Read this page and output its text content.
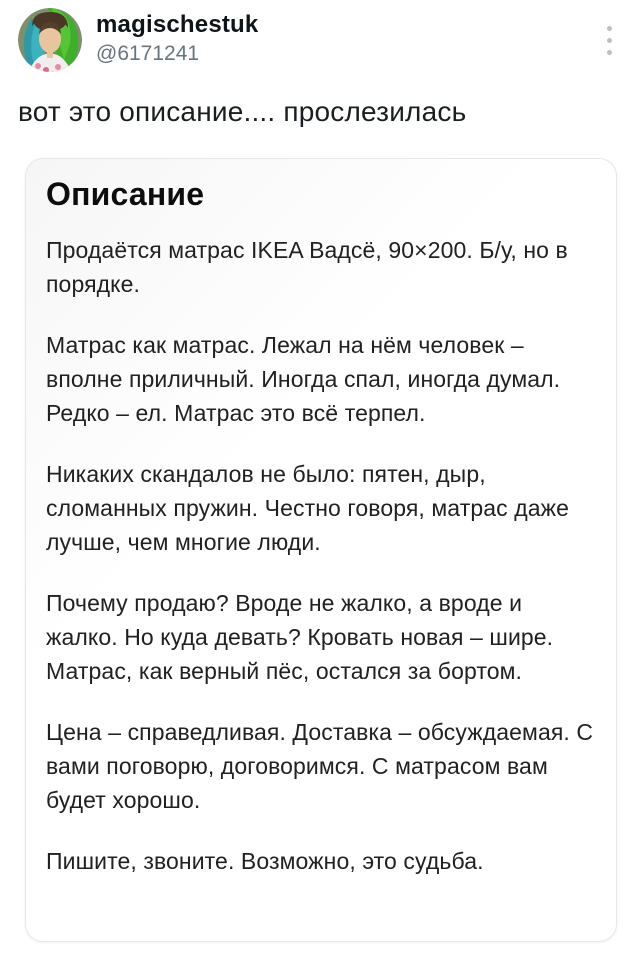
magischestuk
@6171241
вот это описание.... прослезилась
Описание

Продаётся матрас IKEA Вадсё, 90×200. Б/у, но в порядке.

Матрас как матрас. Лежал на нём человек – вполне приличный. Иногда спал, иногда думал. Редко – ел. Матрас это всё терпел.

Никаких скандалов не было: пятен, дыр, сломанных пружин. Честно говоря, матрас даже лучше, чем многие люди.

Почему продаю? Вроде не жалко, а вроде и жалко. Но куда девать? Кровать новая – шире. Матрас, как верный пёс, остался за бортом.

Цена – справедливая. Доставка – обсуждаемая. С вами поговорю, договоримся. С матрасом вам будет хорошо.

Пишите, звоните. Возможно, это судьба.
